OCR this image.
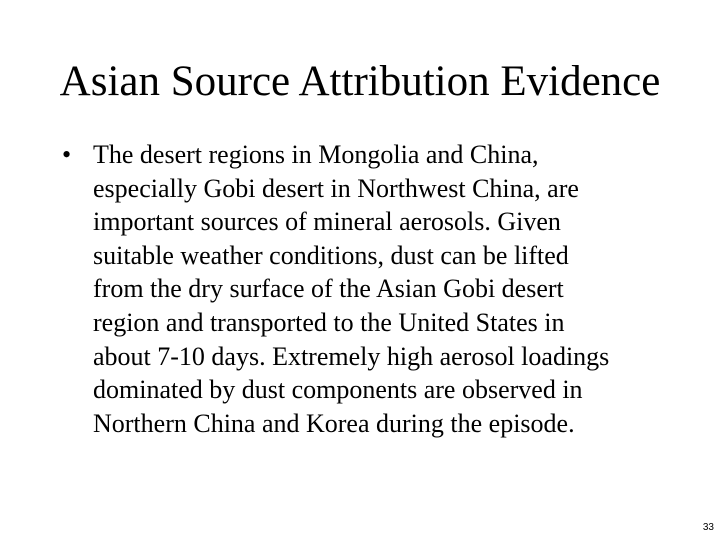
Asian Source Attribution Evidence
• The desert regions in Mongolia and China,
especially Gobi desert in Northwest China, are
important sources of mineral aerosols. Given
suitable weather conditions, dust can be lifted
from the dry surface of the Asian Gobi desert
region and transported to the United States in
about 7-10 days. Extremely high aerosol loadings
dominated by dust components are observed in
Northern China and Korea during the episode.
33
